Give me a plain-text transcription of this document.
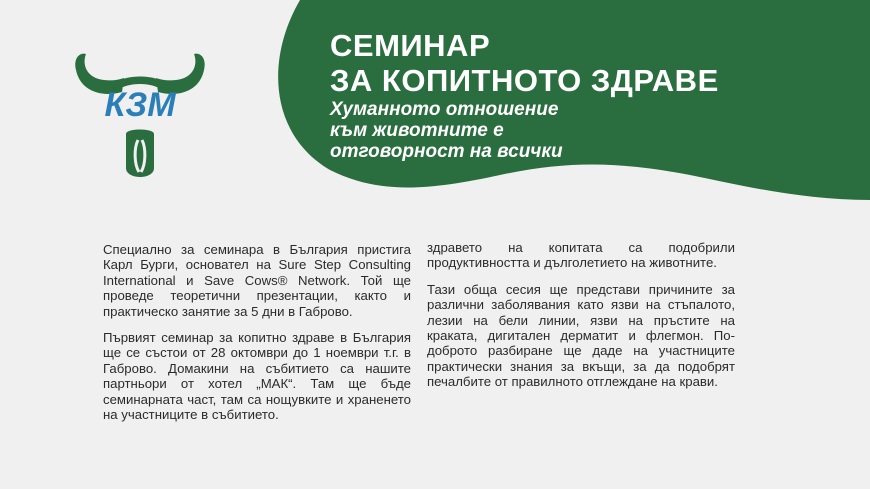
КЗМ
СЕМИНАР
ЗА КОПИТНОТО ЗДРАВЕ
Хуманното отношение
към животните е
отговорност на всички

Специално за семинара в България пристига Карл Бурги, основател на Sure Step Consulting International и Save Cows® Network. Той ще проведе теоретични презентации, както и практическо занятие за 5 дни в Габрово.

Първият семинар за копитно здраве в България ще се състои от 28 октомври до 1 ноември т.г. в Габрово. Домакини на събитието са нашите партньори от хотел „МАК“. Там ще бъде семинарната част, там са нощувките и храненето на участниците в събитието.

здравето на копитата са подобрили продуктивността и дълголетието на животните.

Тази обща сесия ще представи причините за различни заболявания като язви на стъпалото, лезии на бели линии, язви на пръстите на краката, дигитален дерматит и флегмон. По-доброто разбиране ще даде на участниците практически знания за вкъщи, за да подобрят печалбите от правилното отглеждане на крави.
